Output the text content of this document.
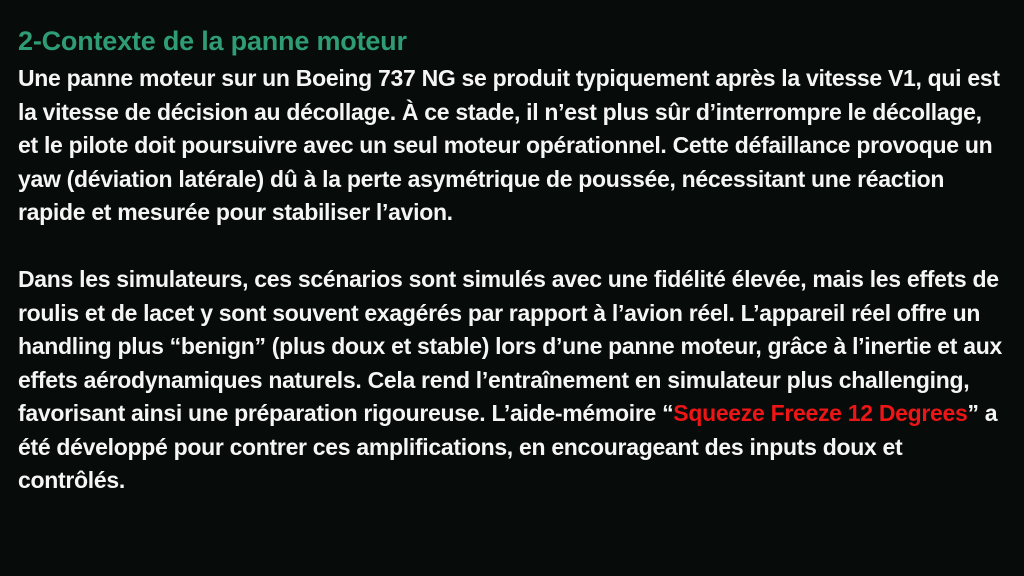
2-Contexte de la panne moteur

Une panne moteur sur un Boeing 737 NG se produit typiquement après la vitesse V1, qui est la vitesse de décision au décollage. À ce stade, il n’est plus sûr d’interrompre le décollage, et le pilote doit poursuivre avec un seul moteur opérationnel. Cette défaillance provoque un yaw (déviation latérale) dû à la perte asymétrique de poussée, nécessitant une réaction rapide et mesurée pour stabiliser l’avion.

Dans les simulateurs, ces scénarios sont simulés avec une fidélité élevée, mais les effets de roulis et de lacet y sont souvent exagérés par rapport à l’avion réel. L’appareil réel offre un handling plus “benign” (plus doux et stable) lors d’une panne moteur, grâce à l’inertie et aux effets aérodynamiques naturels. Cela rend l’entraînement en simulateur plus challenging, favorisant ainsi une préparation rigoureuse. L’aide-mémoire “Squeeze Freeze 12 Degrees” a été développé pour contrer ces amplifications, en encourageant des inputs doux et contrôlés.
